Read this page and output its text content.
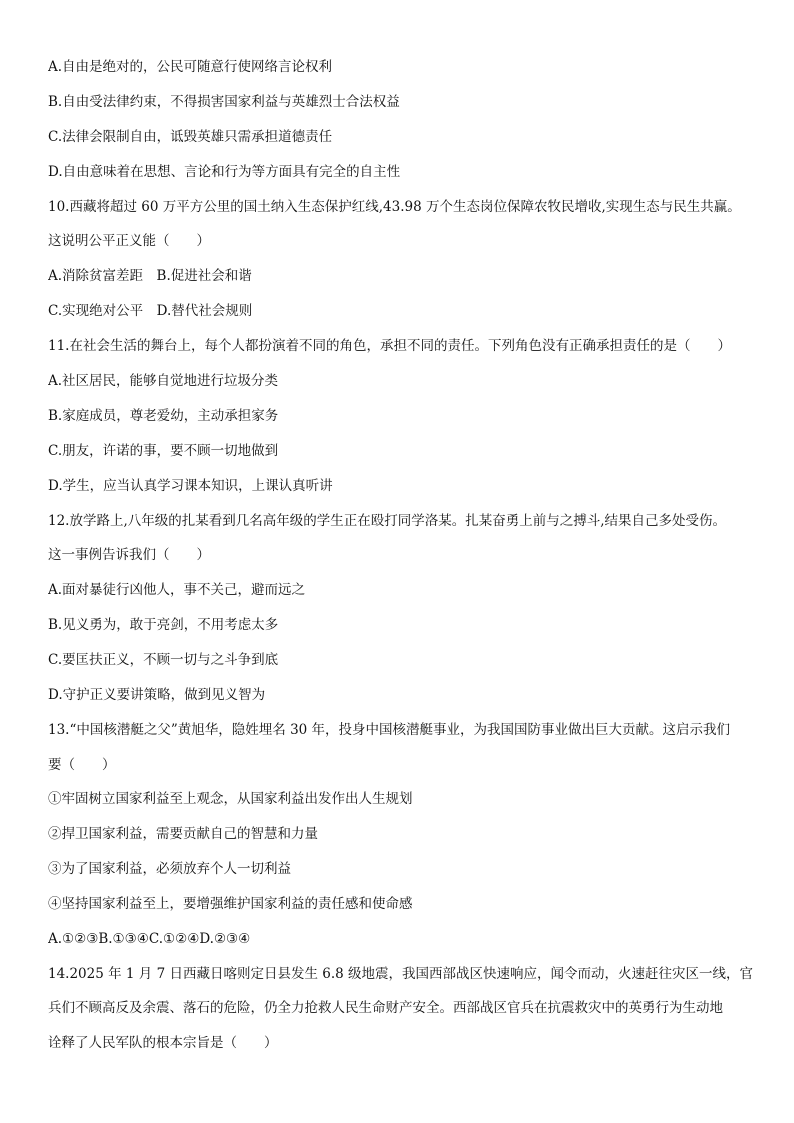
A.自由是绝对的，公民可随意行使网络言论权利
B.自由受法律约束，不得损害国家利益与英雄烈士合法权益
C.法律会限制自由，诋毁英雄只需承担道德责任
D.自由意味着在思想、言论和行为等方面具有完全的自主性
10.西藏将超过 60 万平方公里的国土纳入生态保护红线,43.98 万个生态岗位保障农牧民增收,实现生态与民生共赢。
这说明公平正义能（　　）
A.消除贫富差距　B.促进社会和谐
C.实现绝对公平　D.替代社会规则
11.在社会生活的舞台上，每个人都扮演着不同的角色，承担不同的责任。下列角色没有正确承担责任的是（　　）
A.社区居民，能够自觉地进行垃圾分类
B.家庭成员，尊老爱幼，主动承担家务
C.朋友，许诺的事，要不顾一切地做到
D.学生，应当认真学习课本知识，上课认真听讲
12.放学路上,八年级的扎某看到几名高年级的学生正在殴打同学洛某。扎某奋勇上前与之搏斗,结果自己多处受伤。
这一事例告诉我们（　　）
A.面对暴徒行凶他人，事不关己，避而远之
B.见义勇为，敢于亮剑，不用考虑太多
C.要匡扶正义，不顾一切与之斗争到底
D.守护正义要讲策略，做到见义智为
13.“中国核潜艇之父”黄旭华，隐姓埋名 30 年，投身中国核潜艇事业，为我国国防事业做出巨大贡献。这启示我们
要（　　）
①牢固树立国家利益至上观念，从国家利益出发作出人生规划
②捍卫国家利益，需要贡献自己的智慧和力量
③为了国家利益，必须放弃个人一切利益
④坚持国家利益至上，要增强维护国家利益的责任感和使命感
A.①②③B.①③④C.①②④D.②③④
14.2025 年 1 月 7 日西藏日喀则定日县发生 6.8 级地震，我国西部战区快速响应，闻令而动，火速赶往灾区一线，官
兵们不顾高反及余震、落石的危险，仍全力抢救人民生命财产安全。西部战区官兵在抗震救灾中的英勇行为生动地
诠释了人民军队的根本宗旨是（　　）
